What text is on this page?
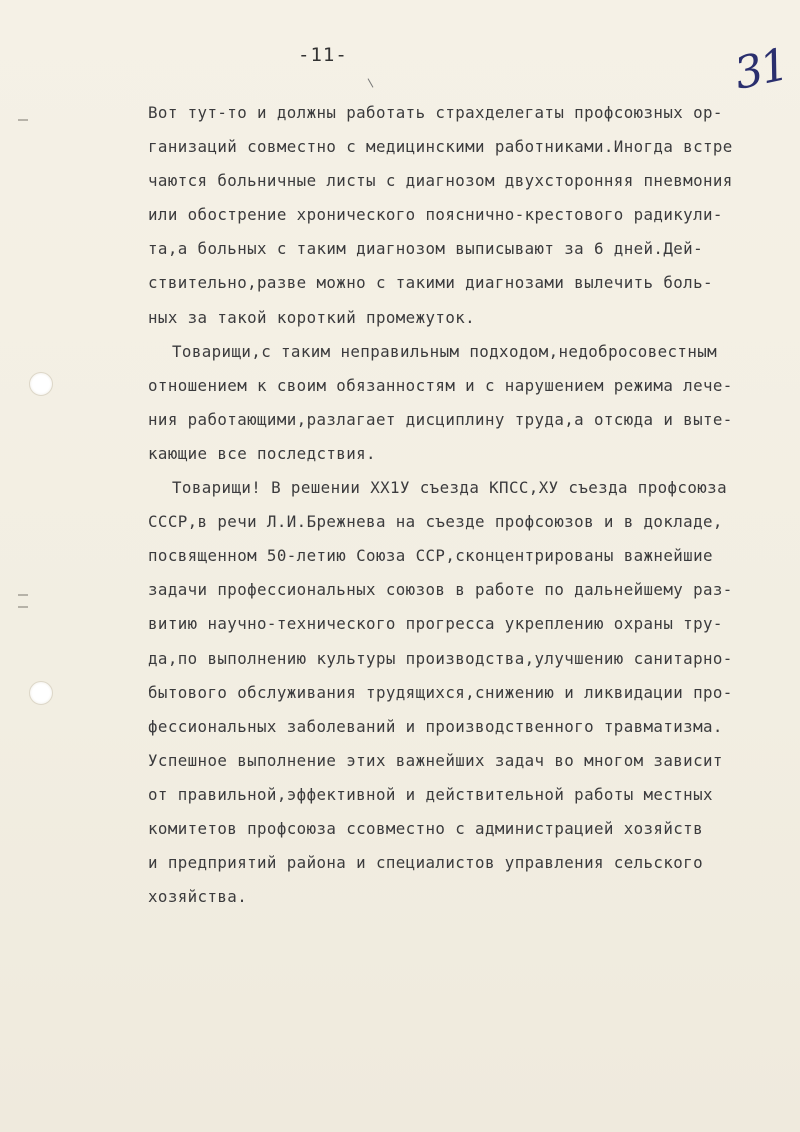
-11-	31
Вот тут-то и должны работать страхделегаты профсоюзных ор-
ганизаций совместно с медицинскими работниками.Иногда встре
чаются больничные листы с диагнозом двухсторонняя пневмония
или обострение хронического пояснично-крестового радикули-
та,а больных с таким диагнозом выписывают за 6 дней.Дей-
ствительно,разве можно с такими диагнозами вылечить боль-
ных за такой короткий промежуток.
Товарищи,с таким неправильным подходом,недобросовестным
отношением к своим обязанностям и с нарушением режима лече-
ния работающими,разлагает дисциплину труда,а отсюда и выте-
кающие все последствия.
Товарищи! В решении ХХ1У съезда КПСС,ХУ съезда профсоюза
СССР,в речи Л.И.Брежнева на съезде профсоюзов и в докладе,
посвященном 50-летию Союза ССР,сконцентрированы важнейшие
задачи профессиональных союзов в работе по дальнейшему раз-
витию научно-технического прогресса укреплению охраны тру-
да,по выполнению культуры производства,улучшению санитарно-
бытового обслуживания трудящихся,снижению и ликвидации про-
фессиональных заболеваний и производственного травматизма.
Успешное выполнение этих важнейших задач во многом зависит
от правильной,эффективной и действительной работы местных
комитетов профсоюза ссовместно с администрацией хозяйств
и предприятий района и специалистов управления сельского
хозяйства.
